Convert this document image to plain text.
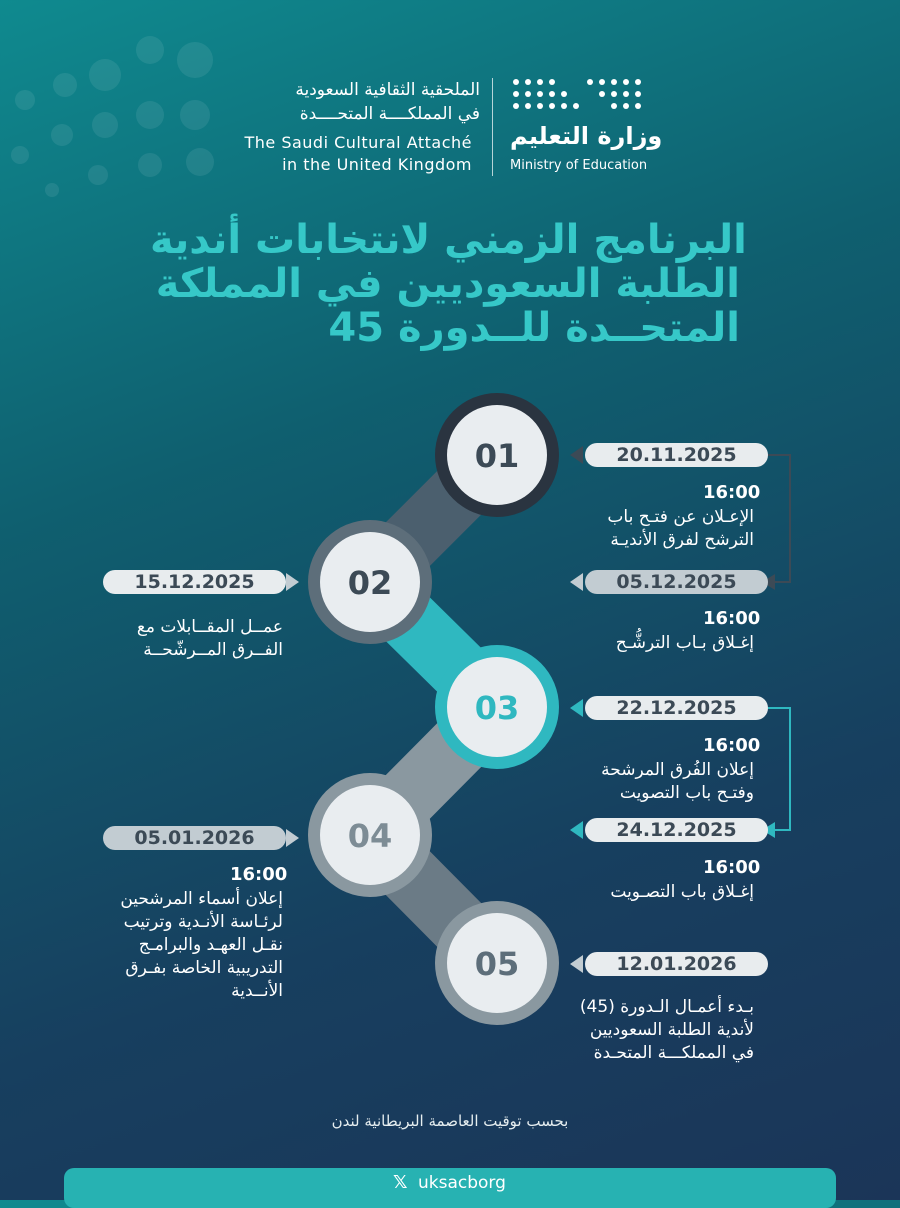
01
02
03
04
05
الملحقية الثقافية السعودية
في المملكــــة المتحــــدة
The Saudi Cultural Attaché
in the United Kingdom
وزارة التعليم
Ministry of Education
البرنامج الزمني لانتخابات أندية
الطلبة السعوديين في المملكة
المتحــدة للــدورة 45
20.11.2025
16:00
الإعـلان عن فتـح باب
الترشح لفرق الأنديـة
05.12.2025
16:00
إغـلاق بـاب الترشُّـح
15.12.2025
عمــل المقــابلات مع
الفــرق المــرشّحــة
22.12.2025
16:00
إعلان الفُرق المرشحة
وفتـح باب التصويت
24.12.2025
16:00
إغـلاق باب التصـويت
05.01.2026
16:00
إعلان أسماء المرشحين
لرئـاسة الأنـدية وترتيب
نقـل العهـد والبرامـج
التدريبية الخاصة بفـرق
الأنــدية
12.01.2026
بـدء أعمـال الـدورة (45)
لأندية الطلبة السعوديين
في المملكـــة المتحـدة
بحسب توقيت العاصمة البريطانية لندن
𝕏 uksacborg
